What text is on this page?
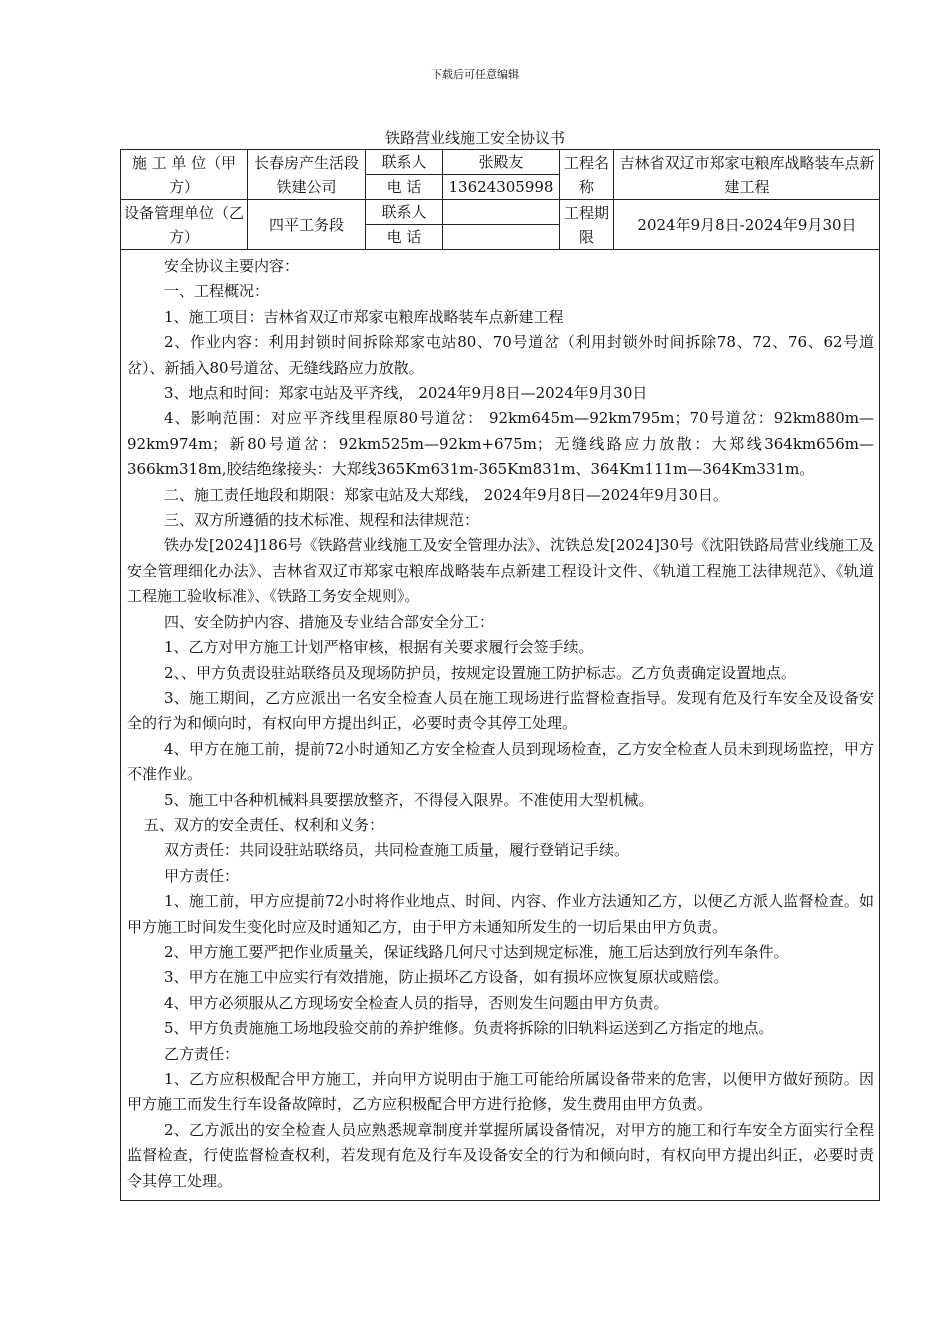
下载后可任意编辑
铁路营业线施工安全协议书
施 工 单 位（甲方）	长春房产生活段铁建公司	联系人	张殿友	工程名称	吉林省双辽市郑家屯粮库战略装车点新建工程
		电 话	13624305998		
设备管理单位（乙方）	四平工务段	联系人		工程期限	2024年9月8日-2024年9月30日
		电 话			

安全协议主要内容：

一、工程概况：

1、施工项目：吉林省双辽市郑家屯粮库战略装车点新建工程

2、作业内容：利用封锁时间拆除郑家屯站80、70号道岔（利用封锁外时间拆除78、72、76、62号道岔）、新插入80号道岔、无缝线路应力放散。

3、地点和时间：郑家屯站及平齐线， 2024年9月8日—2024年9月30日

4、影响范围：对应平齐线里程原80号道岔： 92km645m—92km795m；70号道岔：92km880m—92km974m；新80号道岔：92km525m—92km+675m；无缝线路应力放散：大郑线364km656m—366km318m,胶结绝缘接头：大郑线365Km631m-365Km831m、364Km111m—364Km331m。

二、施工责任地段和期限：郑家屯站及大郑线， 2024年9月8日—2024年9月30日。

三、双方所遵循的技术标准、规程和法律规范：

铁办发[2024]186号《铁路营业线施工及安全管理办法》、沈铁总发[2024]30号《沈阳铁路局营业线施工及安全管理细化办法》、吉林省双辽市郑家屯粮库战略装车点新建工程设计文件、《轨道工程施工法律规范》、《轨道工程施工验收标准》、《铁路工务安全规则》。

四、安全防护内容、措施及专业结合部安全分工：

1、乙方对甲方施工计划严格审核，根据有关要求履行会签手续。

2、、甲方负责设驻站联络员及现场防护员，按规定设置施工防护标志。乙方负责确定设置地点。

3、施工期间，乙方应派出一名安全检查人员在施工现场进行监督检查指导。发现有危及行车安全及设备安全的行为和倾向时，有权向甲方提出纠正，必要时责令其停工处理。

4、甲方在施工前，提前72小时通知乙方安全检查人员到现场检查，乙方安全检查人员未到现场监控，甲方不准作业。

5、施工中各种机械料具要摆放整齐，不得侵入限界。不准使用大型机械。

五、双方的安全责任、权利和义务：

双方责任：共同设驻站联络员，共同检查施工质量，履行登销记手续。

甲方责任：

1、施工前，甲方应提前72小时将作业地点、时间、内容、作业方法通知乙方，以便乙方派人监督检查。如甲方施工时间发生变化时应及时通知乙方，由于甲方未通知所发生的一切后果由甲方负责。

2、甲方施工要严把作业质量关，保证线路几何尺寸达到规定标准，施工后达到放行列车条件。

3、甲方在施工中应实行有效措施，防止损坏乙方设备，如有损坏应恢复原状或赔偿。

4、甲方必须服从乙方现场安全检查人员的指导，否则发生问题由甲方负责。

5、甲方负责施施工场地段验交前的养护维修。负责将拆除的旧轨料运送到乙方指定的地点。

乙方责任：

1、乙方应积极配合甲方施工，并向甲方说明由于施工可能给所属设备带来的危害，以便甲方做好预防。因甲方施工而发生行车设备故障时，乙方应积极配合甲方进行抢修，发生费用由甲方负责。

2、乙方派出的安全检查人员应熟悉规章制度并掌握所属设备情况，对甲方的施工和行车安全方面实行全程监督检查，行使监督检查权利，若发现有危及行车及设备安全的行为和倾向时，有权向甲方提出纠正，必要时责令其停工处理。
